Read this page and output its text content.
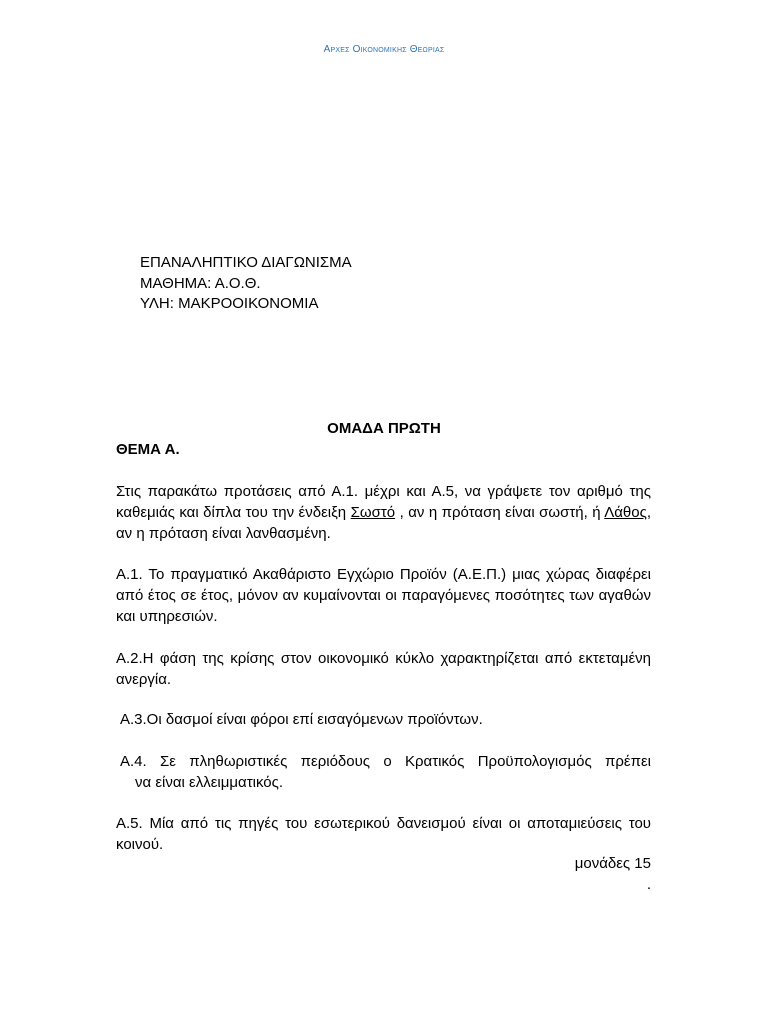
Αρχες Οικονομικης Θεωριας
ΕΠΑΝΑΛΗΠΤΙΚΟ ΔΙΑΓΩΝΙΣΜΑ
ΜΑΘΗΜΑ: Α.Ο.Θ.
ΥΛΗ: ΜΑΚΡΟΟΙΚΟΝΟΜΙΑ
ΟΜΑΔΑ ΠΡΩΤΗ
ΘΕΜΑ Α.
Στις παρακάτω προτάσεις από Α.1. μέχρι και Α.5, να γράψετε τον αριθμό της καθεμιάς και δίπλα του την ένδειξη Σωστό , αν η πρόταση είναι σωστή, ή Λάθος, αν η πρόταση είναι λανθασμένη.
Α.1. Το πραγματικό Ακαθάριστο Εγχώριο Προϊόν (Α.Ε.Π.) μιας χώρας διαφέρει από έτος σε έτος, μόνον αν κυμαίνονται οι παραγόμενες ποσότητες των αγαθών και υπηρεσιών.
Α.2.Η φάση της κρίσης στον οικονομικό κύκλο χαρακτηρίζεται από εκτεταμένη ανεργία.
Α.3.Οι δασμοί είναι φόροι επί εισαγόμενων προϊόντων.
Α.4. Σε πληθωριστικές περιόδους ο Κρατικός Προϋπολογισμός πρέπει
να είναι ελλειμματικός.
Α.5. Μία από τις πηγές του εσωτερικού δανεισμού είναι οι αποταμιεύσεις του κοινού.
μονάδες 15
.
